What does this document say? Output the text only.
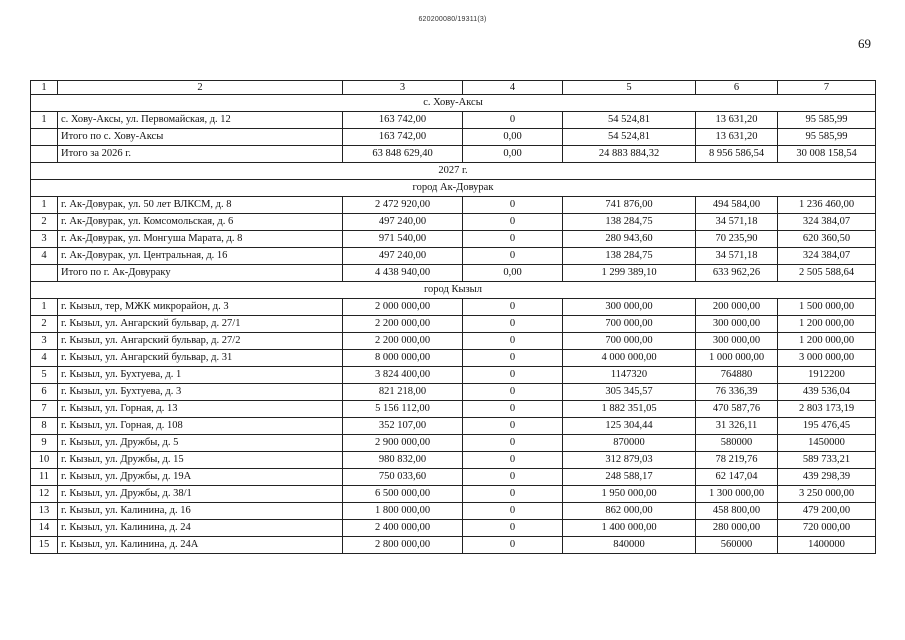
620200080/19311(3)
69
1	2	3	4	5	6	7
с. Хову-Аксы						
1	с. Хову-Аксы, ул. Первомайская, д. 12	163 742,00	0	54 524,81	13 631,20	95 585,99
	Итого по с. Хову-Аксы	163 742,00	0,00	54 524,81	13 631,20	95 585,99
	Итого за 2026 г.	63 848 629,40	0,00	24 883 884,32	8 956 586,54	30 008 158,54
2027 г.						
город Ак-Довурак						
1	г. Ак-Довурак, ул. 50 лет ВЛКСМ, д. 8	2 472 920,00	0	741 876,00	494 584,00	1 236 460,00
2	г. Ак-Довурак, ул. Комсомольская, д. 6	497 240,00	0	138 284,75	34 571,18	324 384,07
3	г. Ак-Довурак, ул. Монгуша Марата, д. 8	971 540,00	0	280 943,60	70 235,90	620 360,50
4	г. Ак-Довурак, ул. Центральная, д. 16	497 240,00	0	138 284,75	34 571,18	324 384,07
	Итого по г. Ак-Довураку	4 438 940,00	0,00	1 299 389,10	633 962,26	2 505 588,64
город Кызыл						
1	г. Кызыл, тер, МЖК микрорайон, д. 3	2 000 000,00	0	300 000,00	200 000,00	1 500 000,00
2	г. Кызыл, ул. Ангарский бульвар, д. 27/1	2 200 000,00	0	700 000,00	300 000,00	1 200 000,00
3	г. Кызыл, ул. Ангарский бульвар, д. 27/2	2 200 000,00	0	700 000,00	300 000,00	1 200 000,00
4	г. Кызыл, ул. Ангарский бульвар, д. 31	8 000 000,00	0	4 000 000,00	1 000 000,00	3 000 000,00
5	г. Кызыл, ул. Бухтуева, д. 1	3 824 400,00	0	1147320	764880	1912200
6	г. Кызыл, ул. Бухтуева, д. 3	821 218,00	0	305 345,57	76 336,39	439 536,04
7	г. Кызыл, ул. Горная, д. 13	5 156 112,00	0	1 882 351,05	470 587,76	2 803 173,19
8	г. Кызыл, ул. Горная, д. 108	352 107,00	0	125 304,44	31 326,11	195 476,45
9	г. Кызыл, ул. Дружбы, д. 5	2 900 000,00	0	870000	580000	1450000
10	г. Кызыл, ул. Дружбы, д. 15	980 832,00	0	312 879,03	78 219,76	589 733,21
11	г. Кызыл, ул. Дружбы, д. 19А	750 033,60	0	248 588,17	62 147,04	439 298,39
12	г. Кызыл, ул. Дружбы, д. 38/1	6 500 000,00	0	1 950 000,00	1 300 000,00	3 250 000,00
13	г. Кызыл, ул. Калинина, д. 16	1 800 000,00	0	862 000,00	458 800,00	479 200,00
14	г. Кызыл, ул. Калинина, д. 24	2 400 000,00	0	1 400 000,00	280 000,00	720 000,00
15	г. Кызыл, ул. Калинина, д. 24А	2 800 000,00	0	840000	560000	1400000
